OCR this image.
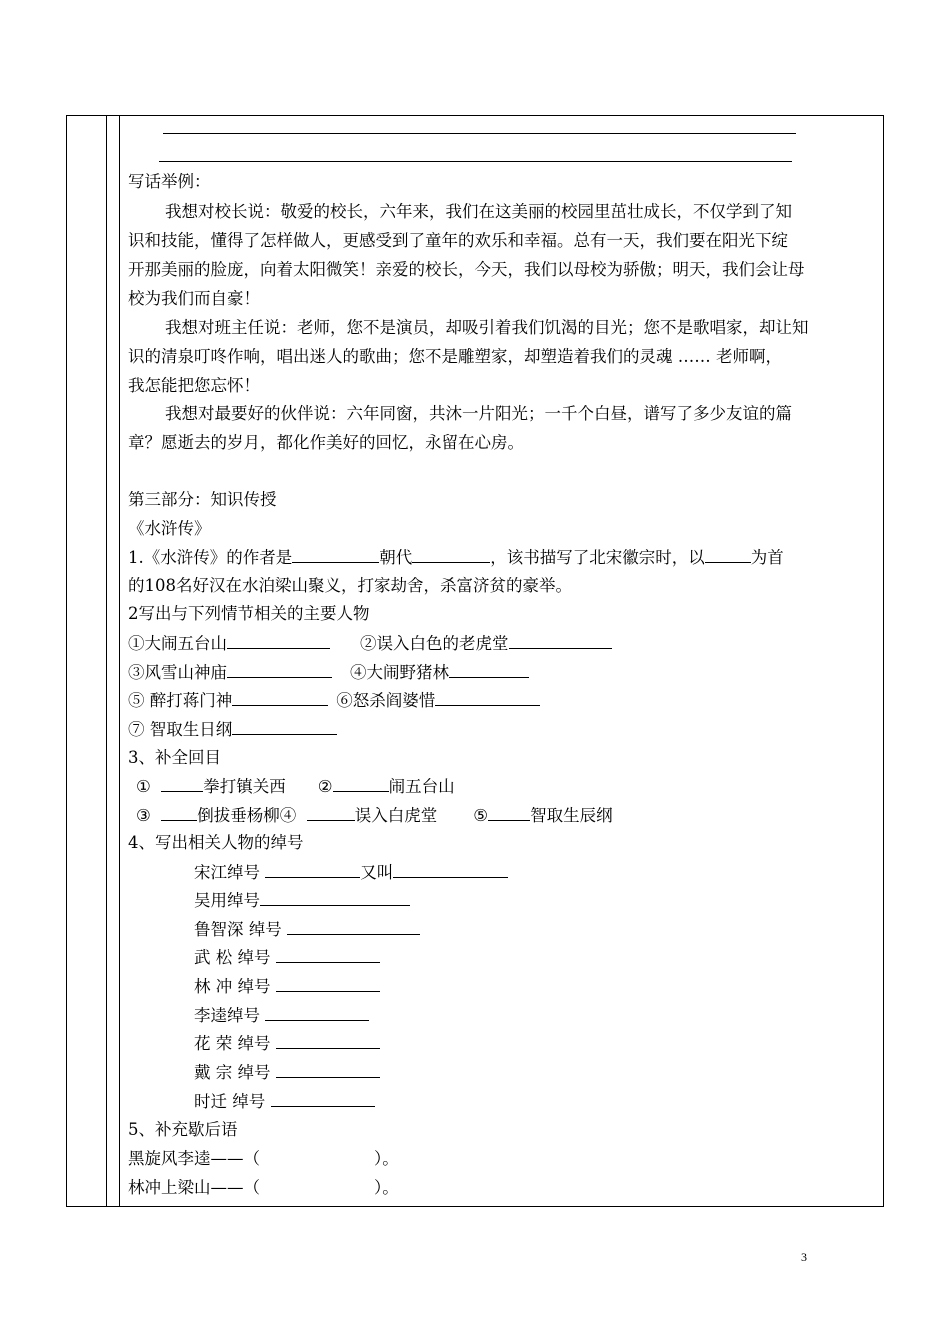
写话举例：
我想对校长说：敬爱的校长，六年来，我们在这美丽的校园里茁壮成长，不仅学到了知
识和技能，懂得了怎样做人，更感受到了童年的欢乐和幸福。总有一天，我们要在阳光下绽
开那美丽的脸庞，向着太阳微笑！亲爱的校长，今天，我们以母校为骄傲；明天，我们会让母
校为我们而自豪！
我想对班主任说：老师，您不是演员，却吸引着我们饥渴的目光；您不是歌唱家，却让知
识的清泉叮咚作响，唱出迷人的歌曲；您不是雕塑家，却塑造着我们的灵魂 …… 老师啊，
我怎能把您忘怀！
我想对最要好的伙伴说：六年同窗，共沐一片阳光；一千个白昼，谱写了多少友谊的篇
章？愿逝去的岁月，都化作美好的回忆，永留在心房。
第三部分：知识传授
《水浒传》
1.《水浒传》的作者是	朝代	，该书描写了北宋徽宗时，以	为首
的108名好汉在水泊梁山聚义，打家劫舍，杀富济贫的豪举。
2写出与下列情节相关的主要人物
①大闹五台山	②误入白色的老虎堂
③风雪山神庙	④大闹野猪林
⑤ 醉打蒋门神	⑥怒杀阎婆惜
⑦ 智取生日纲
3、补全回目
①	拳打镇关西 ②	闹五台山
③	倒拔垂杨柳④	误入白虎堂 ⑤	智取生辰纲
4、写出相关人物的绰号
宋江绰号	又叫
吴用绰号
鲁智深 绰号
武 松 绰号
林 冲 绰号
李逵绰号
花 荣 绰号
戴 宗 绰号
时迁 绰号
5、补充歇后语
黑旋风李逵——（	）。
林冲上梁山——（	）。
3
